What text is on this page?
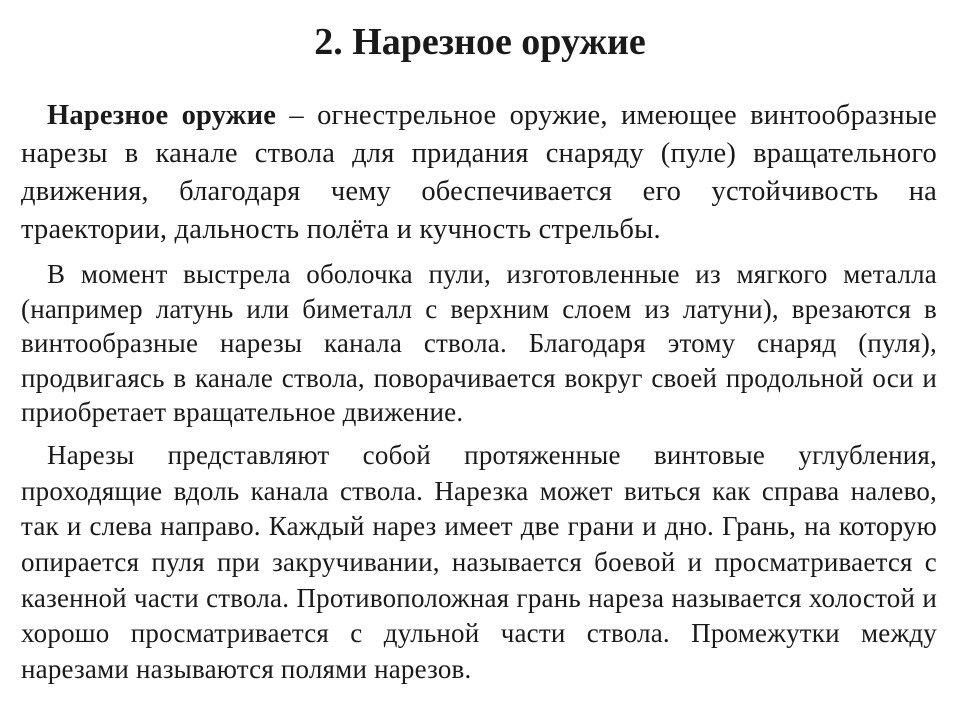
2. Нарезное оружие

Нарезное оружие – огнестрельное оружие, имеющее винтообразные нарезы в канале ствола для придания снаряду (пуле) вращательного движения, благодаря чему обеспечивается его устойчивость на траектории, дальность полёта и кучность стрельбы.

В момент выстрела оболочка пули, изготовленные из мягкого металла (например латунь или биметалл с верхним слоем из латуни), врезаются в винтообразные нарезы канала ствола. Благодаря этому снаряд (пуля), продвигаясь в канале ствола, поворачивается вокруг своей продольной оси и приобретает вращательное движение.

Нарезы представляют собой протяженные винтовые углубления, проходящие вдоль канала ствола. Нарезка может виться как справа налево, так и слева направо. Каждый нарез имеет две грани и дно. Грань, на которую опирается пуля при закручивании, называется боевой и просматривается с казенной части ствола. Противоположная грань нареза называется холостой и хорошо просматривается с дульной части ствола. Промежутки между нарезами называются полями нарезов.
